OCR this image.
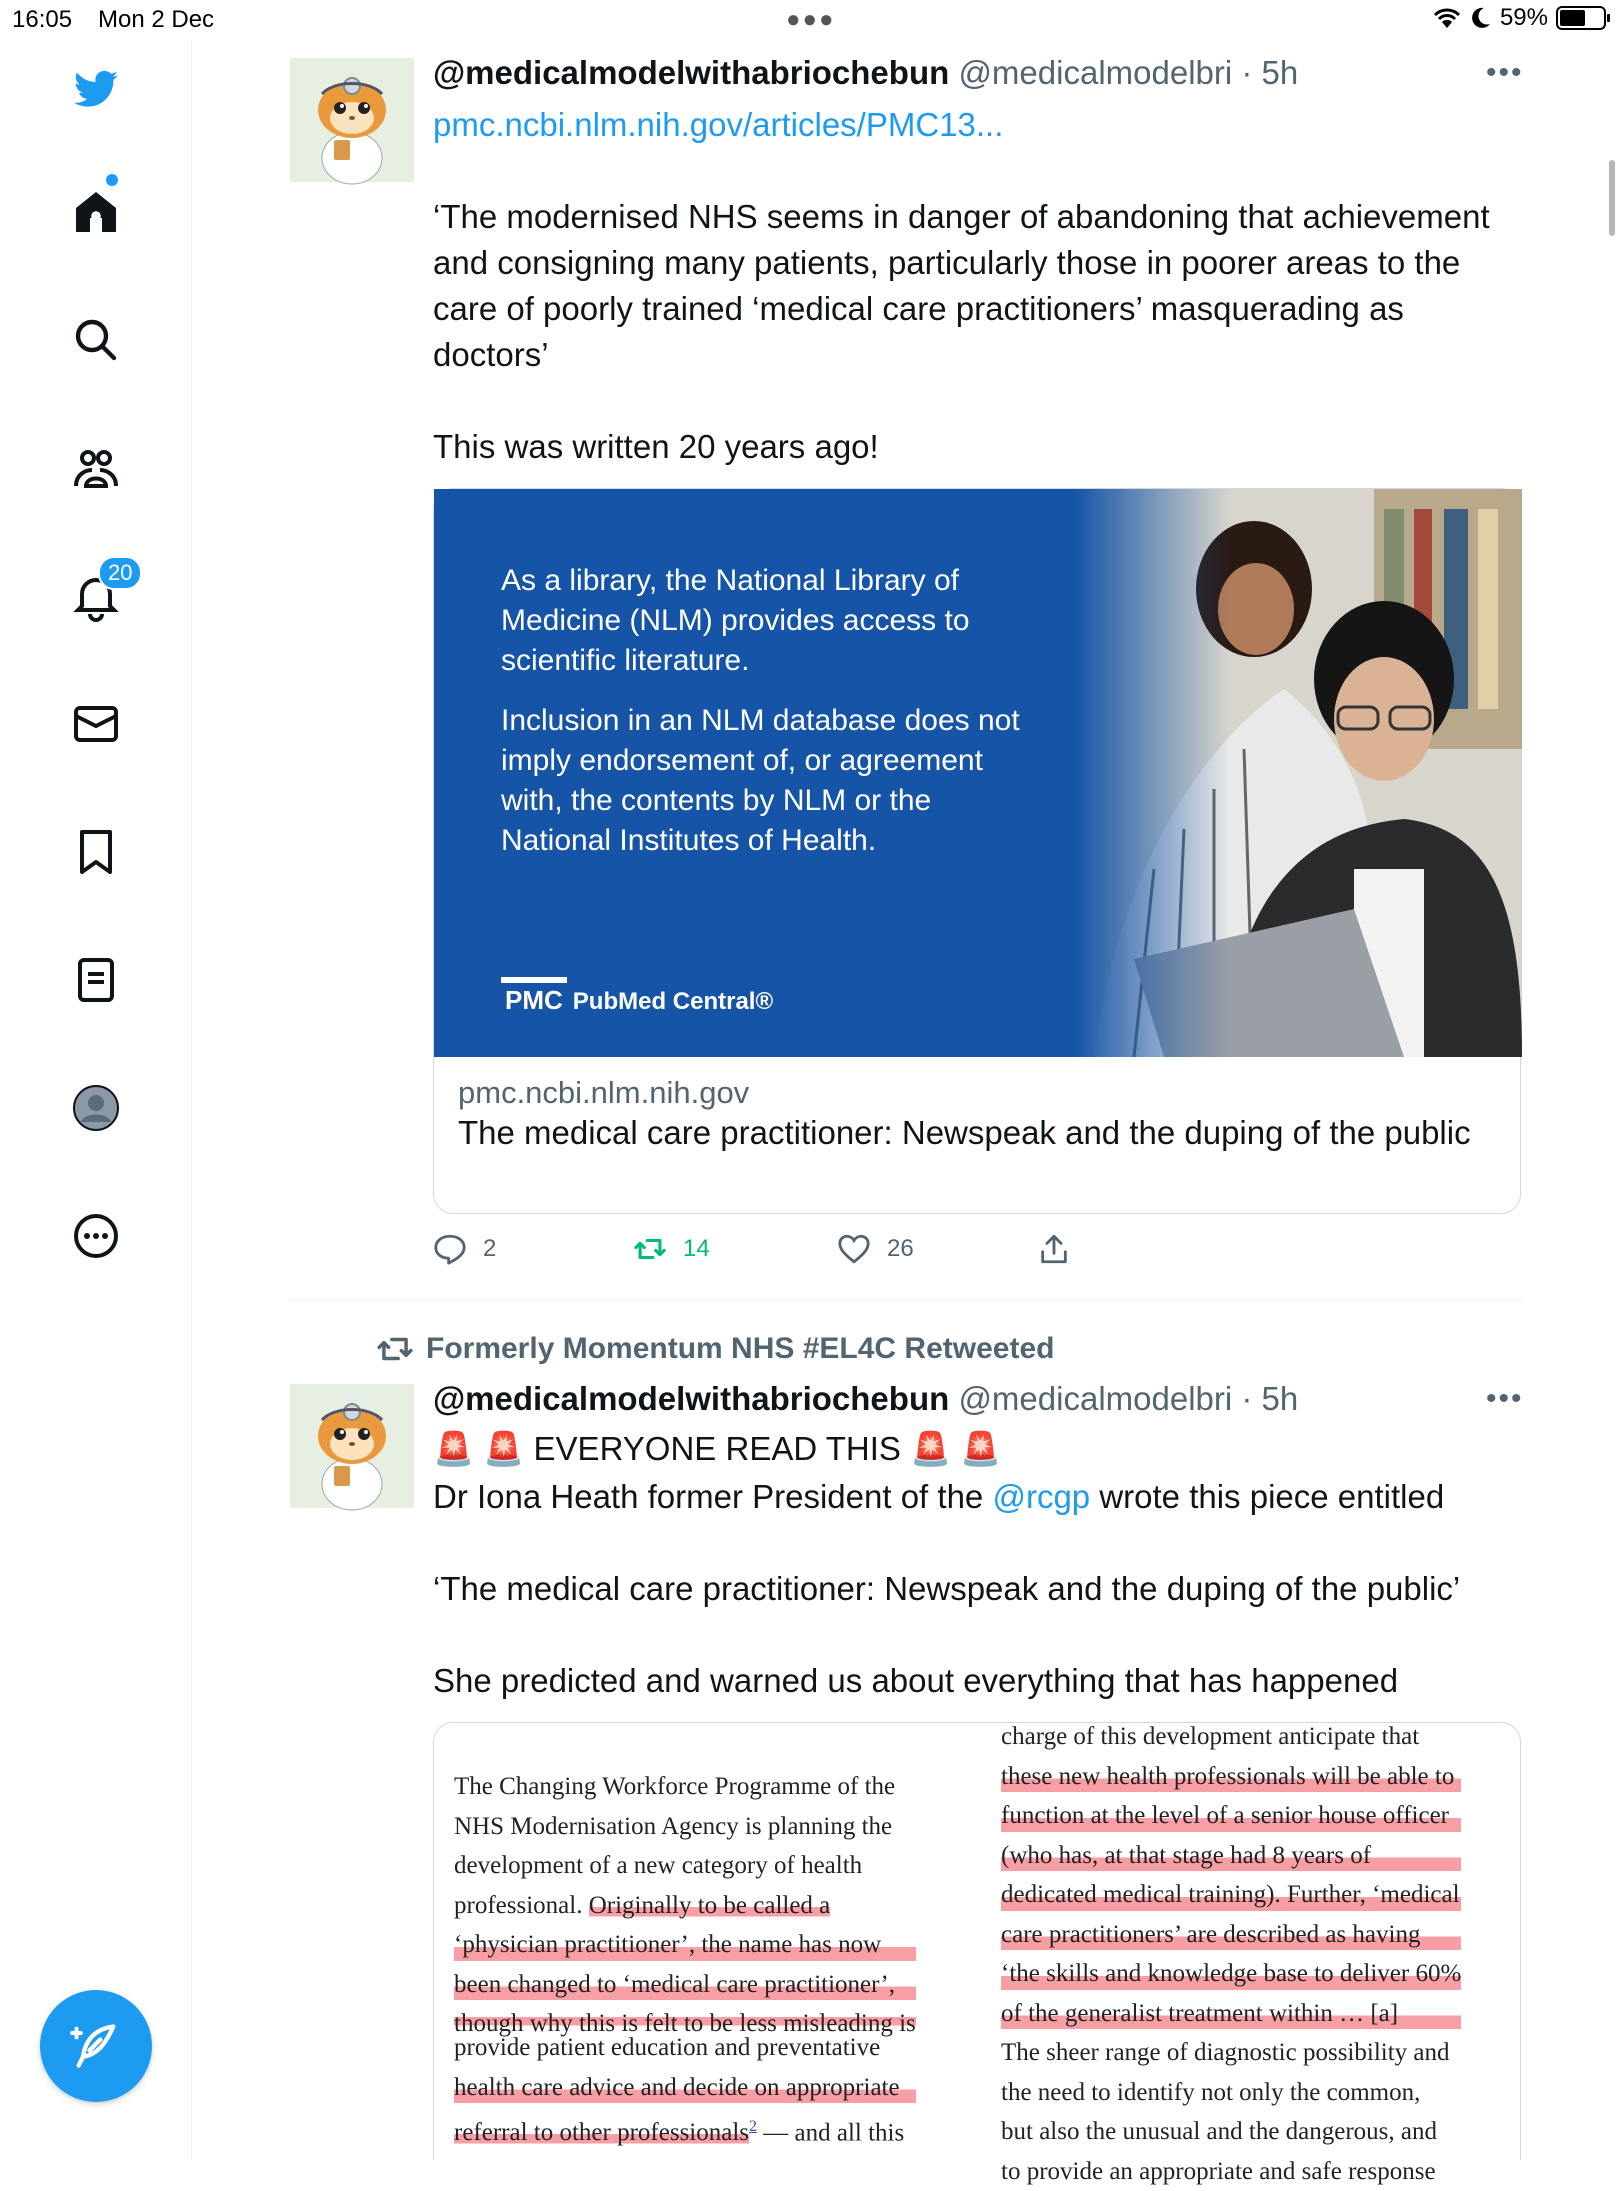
16:05 Mon 2 Dec	●●●	59%
20
@medicalmodelwithabriochebun @medicalmodelbri · 5h	•••
pmc.ncbi.nlm.nih.gov/articles/PMC13...
‘The modernised NHS seems in danger of abandoning that achievement and consigning many patients, particularly those in poorer areas to the care of poorly trained ‘medical care practitioners’ masquerading as doctors’
This was written 20 years ago!

As a library, the National Library of Medicine (NLM) provides access to scientific literature.

Inclusion in an NLM database does not imply endorsement of, or agreement with, the contents by NLM or the National Institutes of Health.

PMC PubMed Central®
pmc.ncbi.nlm.nih.gov
The medical care practitioner: Newspeak and the duping of the public
2	14	26
Formerly Momentum NHS #EL4C Retweeted
@medicalmodelwithabriochebun @medicalmodelbri · 5h	•••
🚨 🚨 EVERYONE READ THIS 🚨 🚨
Dr Iona Heath former President of the @rcgp wrote this piece entitled
‘The medical care practitioner: Newspeak and the duping of the public’
She predicted and warned us about everything that has happened

The Changing Workforce Programme of the

NHS Modernisation Agency is planning the

development of a new category of health

professional. Originally to be called a

‘physician practitioner’, the name has now

been changed to ‘medical care practitioner’,

though why this is felt to be less misleading is

provide patient education and preventative

health care advice and decide on appropriate

referral to other professionals$^2$ — and all this

charge of this development anticipate that

these new health professionals will be able to

function at the level of a senior house officer

(who has, at that stage had 8 years of

dedicated medical training). Further, ‘medical

care practitioners’ are described as having

‘the skills and knowledge base to deliver 60%

of the generalist treatment within … [a]

The sheer range of diagnostic possibility and

the need to identify not only the common,

but also the unusual and the dangerous, and

to provide an appropriate and safe response
